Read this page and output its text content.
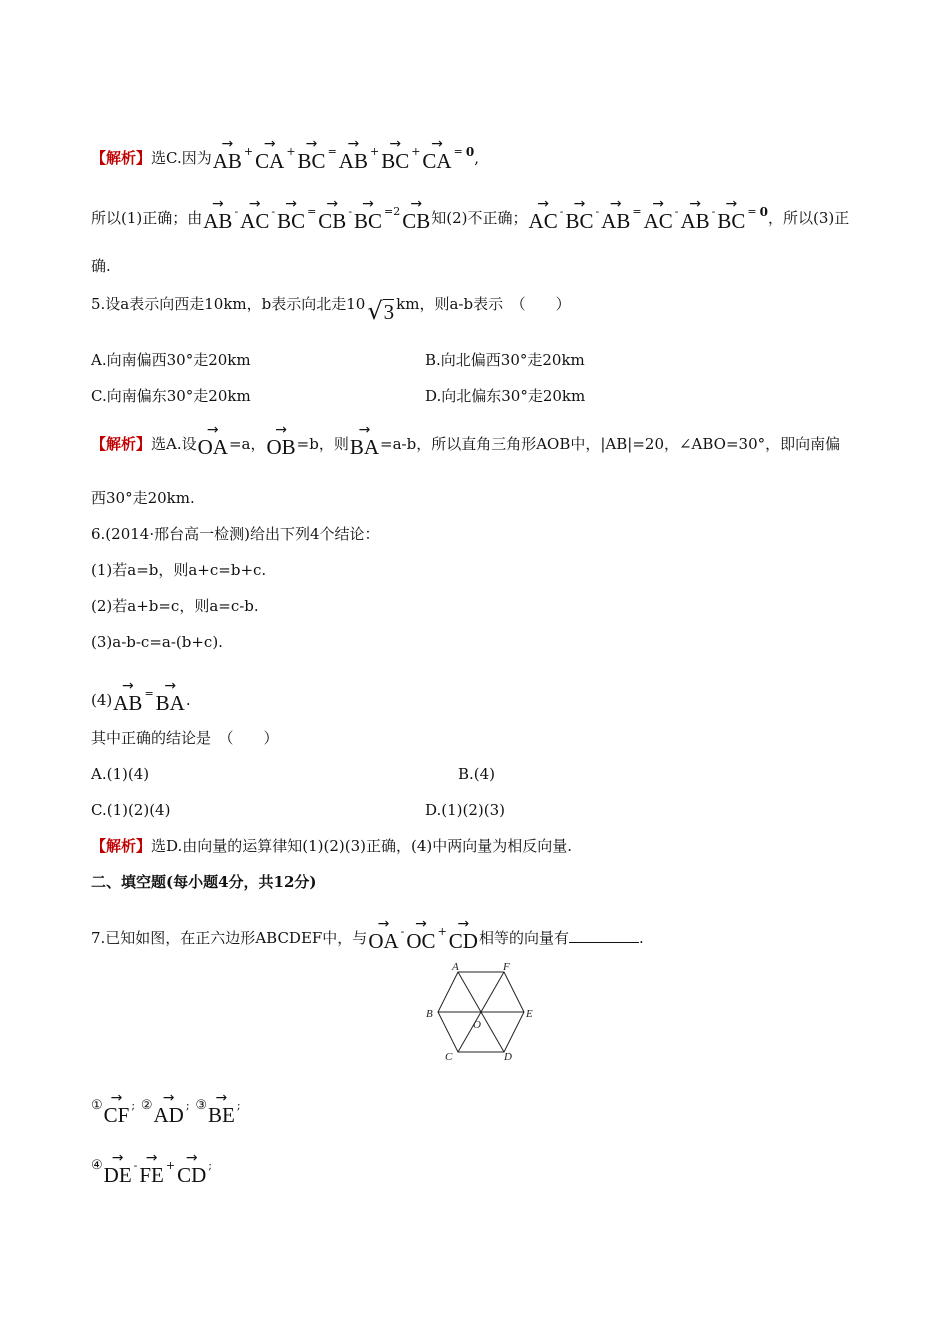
【解析】选C.因为→ AB +→ CA +→ BC =→ AB +→ BC +→ CA = 0,
所以(1)正确；由→ AB -→ AC -→ BC =→ CB -→ BC =2→ CB知(2)不正确；→ AC -→ BC -→ AB =→ AC -→ AB -→ BC = 0，所以(3)正
确.
5.设a表示向西走10km，b表示向北走10√3 km，则a-b表示　（　　）
A.向南偏西30°走20km	B.向北偏西30°走20km
C.向南偏东30°走20km	D.向北偏东30°走20km
【解析】选A.设→ OA=a，→ OB=b，则→ BA=a-b，所以直角三角形AOB中，|AB|=20，∠ABO=30°，即向南偏
西30°走20km.
6.(2014·邢台高一检测)给出下列4个结论：
(1)若a=b，则a+c=b+c.
(2)若a+b=c，则a=c-b.
(3)a-b-c=a-(b+c).
(4)→ AB =→ BA.
其中正确的结论是　（　　）
A.(1)(4)	B.(4)
C.(1)(2)(4)	D.(1)(2)(3)
【解析】选D.由向量的运算律知(1)(2)(3)正确，(4)中两向量为相反向量.
二、填空题(每小题4分，共12分)
7.已知如图，在正六边形ABCDEF中，与→ OA -→ OC +→ CD相等的向量有	.
A	F
B	E
O
C	D
①→ CF ; ②→ AD ; ③→ BE ;
④→ DE -→ FE +→ CD ;
